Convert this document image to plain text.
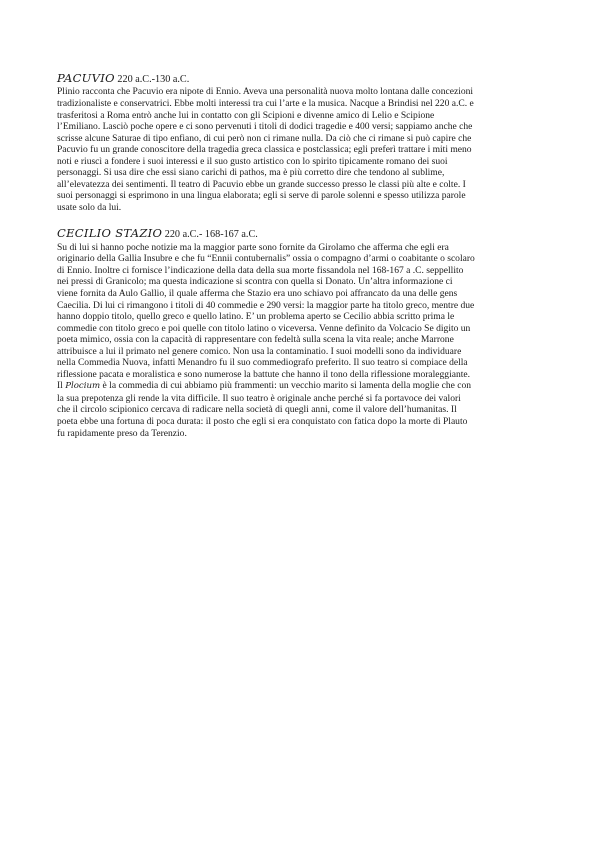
PACUVIO 220 a.C.-130 a.C.

Plinio racconta che Pacuvio era nipote di Ennio. Aveva una personalità nuova molto lontana dalle concezioni
tradizionaliste e conservatrici. Ebbe molti interessi tra cui l’arte e la musica. Nacque a Brindisi nel 220 a.C. e
trasferitosi a Roma entrò anche lui in contatto con gli Scipioni e divenne amico di Lelio e Scipione
l’Emiliano. Lasciò poche opere e ci sono pervenuti i titoli di dodici tragedie e 400 versi; sappiamo anche che
scrisse alcune Saturae di tipo enfiano, di cui però non ci rimane nulla. Da ciò che ci rimane si può capire che
Pacuvio fu un grande conoscitore della tragedia greca classica e postclassica; egli preferì trattare i miti meno
noti e riuscì a fondere i suoi interessi e il suo gusto artistico con lo spirito tipicamente romano dei suoi
personaggi. Si usa dire che essi siano carichi di pathos, ma è più corretto dire che tendono al sublime,
all’elevatezza dei sentimenti. Il teatro di Pacuvio ebbe un grande successo presso le classi più alte e colte. I
suoi personaggi si esprimono in una lingua elaborata; egli si serve di parole solenni e spesso utilizza parole
usate solo da lui.

CECILIO STAZIO 220 a.C.- 168-167 a.C.

Su di lui si hanno poche notizie ma la maggior parte sono fornite da Girolamo che afferma che egli era
originario della Gallia Insubre e che fu “Ennii contubernalis” ossia o compagno d’armi o coabitante o scolaro
di Ennio. Inoltre ci fornisce l’indicazione della data della sua morte fissandola nel 168-167 a .C. seppellito
nei pressi di Granicolo; ma questa indicazione si scontra con quella si Donato. Un’altra informazione ci
viene fornita da Aulo Gallio, il quale afferma che Stazio era uno schiavo poi affrancato da una delle gens
Caecilia. Di lui ci rimangono i titoli di 40 commedie e 290 versi: la maggior parte ha titolo greco, mentre due
hanno doppio titolo, quello greco e quello latino. E’ un problema aperto se Cecilio abbia scritto prima le
commedie con titolo greco e poi quelle con titolo latino o viceversa. Venne definito da Volcacio Se digito un
poeta mimico, ossia con la capacità di rappresentare con fedeltà sulla scena la vita reale; anche Marrone
attribuisce a lui il primato nel genere comico. Non usa la contaminatio. I suoi modelli sono da individuare
nella Commedia Nuova, infatti Menandro fu il suo commediografo preferito. Il suo teatro si compiace della
riflessione pacata e moralistica e sono numerose la battute che hanno il tono della riflessione moraleggiante.
Il Plocium è la commedia di cui abbiamo più frammenti: un vecchio marito si lamenta della moglie che con
la sua prepotenza gli rende la vita difficile. Il suo teatro è originale anche perché si fa portavoce dei valori
che il circolo scipionico cercava di radicare nella società di quegli anni, come il valore dell’humanitas. Il
poeta ebbe una fortuna di poca durata: il posto che egli si era conquistato con fatica dopo la morte di Plauto
fu rapidamente preso da Terenzio.
